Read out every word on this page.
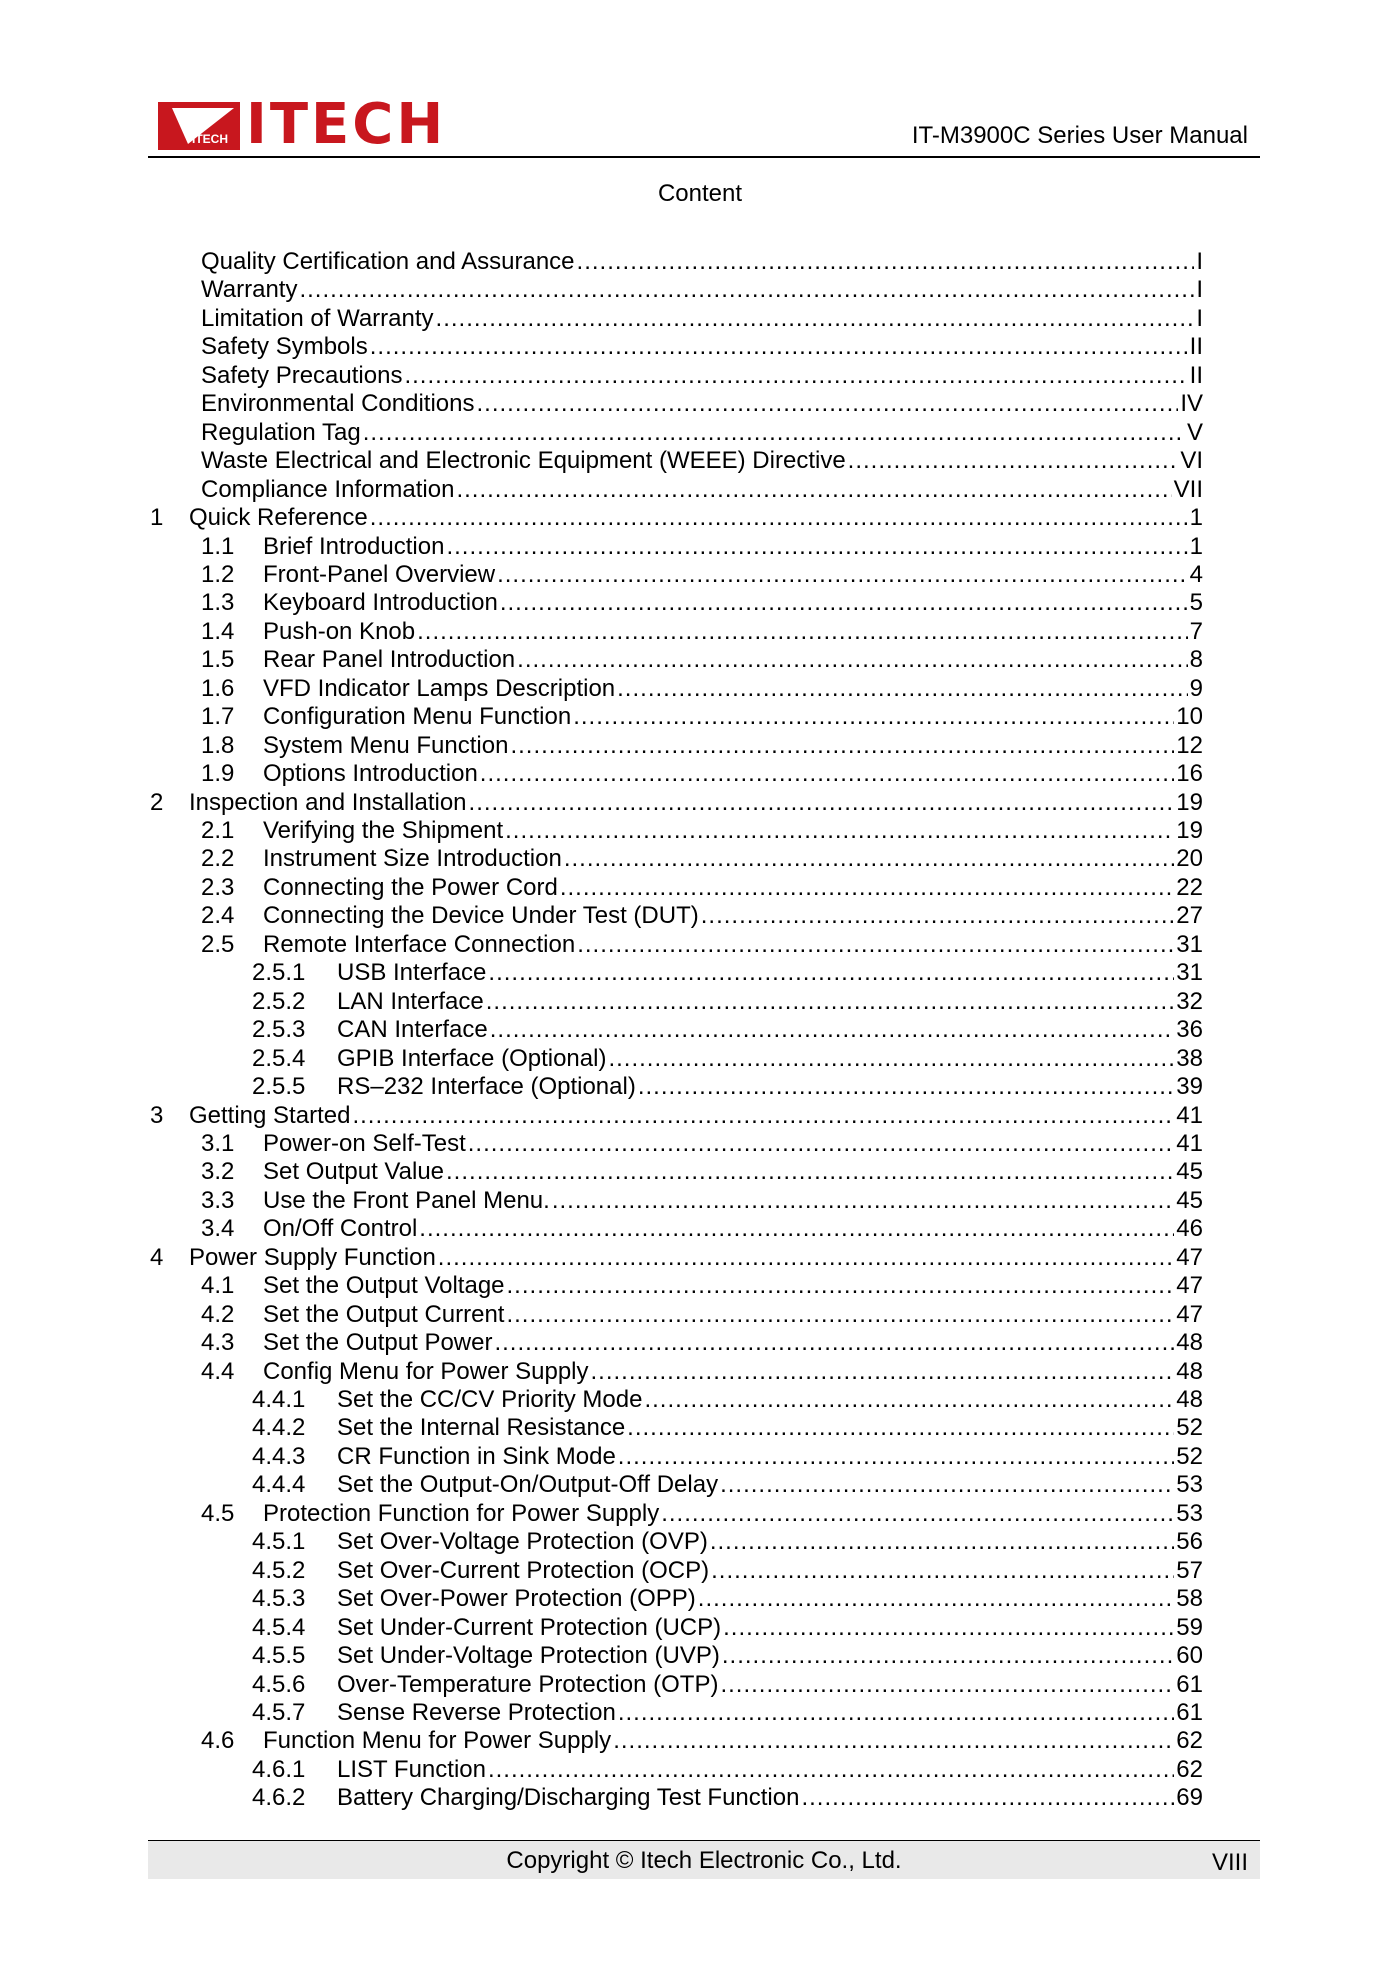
ITECH ITECH	IT-M3900C Series User Manual
Content
Quality Certification and Assurance .....	I
Warranty .....	I
Limitation of Warranty .....	I
Safety Symbols .....	II
Safety Precautions .....	II
Environmental Conditions .....	IV
Regulation Tag .....	V
Waste Electrical and Electronic Equipment (WEEE) Directive .....	VI
Compliance Information .....	VII
1 Quick Reference .....	1
1.1 Brief Introduction .....	1
1.2 Front-Panel Overview .....	4
1.3 Keyboard Introduction .....	5
1.4 Push-on Knob .....	7
1.5 Rear Panel Introduction .....	8
1.6 VFD Indicator Lamps Description .....	9
1.7 Configuration Menu Function .....	10
1.8 System Menu Function .....	12
1.9 Options Introduction .....	16
2 Inspection and Installation .....	19
2.1 Verifying the Shipment .....	19
2.2 Instrument Size Introduction .....	20
2.3 Connecting the Power Cord .....	22
2.4 Connecting the Device Under Test (DUT) .....	27
2.5 Remote Interface Connection .....	31
2.5.1 USB Interface .....	31
2.5.2 LAN Interface .....	32
2.5.3 CAN Interface .....	36
2.5.4 GPIB Interface (Optional) .....	38
2.5.5 RS–232 Interface (Optional) .....	39
3 Getting Started .....	41
3.1 Power-on Self-Test .....	41
3.2 Set Output Value .....	45
3.3 Use the Front Panel Menu. .....	45
3.4 On/Off Control .....	46
4 Power Supply Function .....	47
4.1 Set the Output Voltage .....	47
4.2 Set the Output Current .....	47
4.3 Set the Output Power .....	48
4.4 Config Menu for Power Supply .....	48
4.4.1 Set the CC/CV Priority Mode .....	48
4.4.2 Set the Internal Resistance .....	52
4.4.3 CR Function in Sink Mode .....	52
4.4.4 Set the Output-On/Output-Off Delay .....	53
4.5 Protection Function for Power Supply .....	53
4.5.1 Set Over-Voltage Protection (OVP) .....	56
4.5.2 Set Over-Current Protection (OCP) .....	57
4.5.3 Set Over-Power Protection (OPP) .....	58
4.5.4 Set Under-Current Protection (UCP) .....	59
4.5.5 Set Under-Voltage Protection (UVP) .....	60
4.5.6 Over-Temperature Protection (OTP) .....	61
4.5.7 Sense Reverse Protection .....	61
4.6 Function Menu for Power Supply .....	62
4.6.1 LIST Function .....	62
4.6.2 Battery Charging/Discharging Test Function .....	69
Copyright © Itech Electronic Co., Ltd.	VIII
